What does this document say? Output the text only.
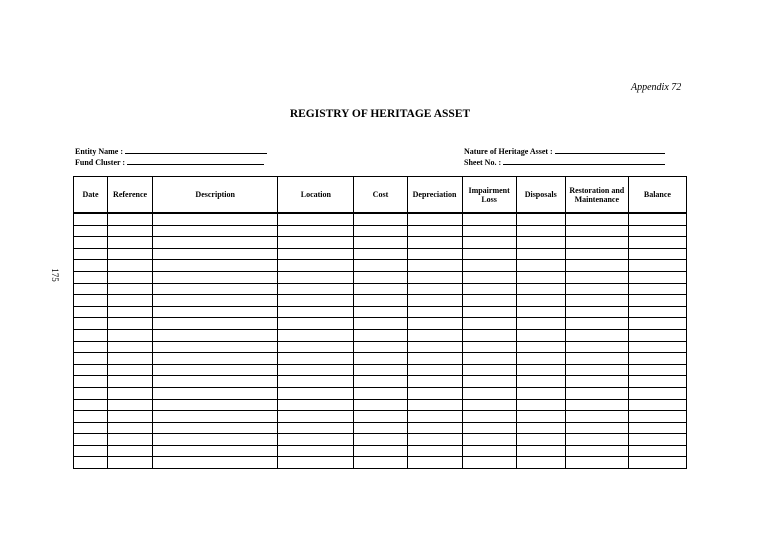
Appendix 72
REGISTRY OF HERITAGE ASSET
Entity Name :
Fund Cluster :
Nature of Heritage Asset :
Sheet No. :
175
Date	Reference	Description	Location	Cost	Depreciation	Impairment Loss	Disposals	Restoration and Maintenance	Balance
